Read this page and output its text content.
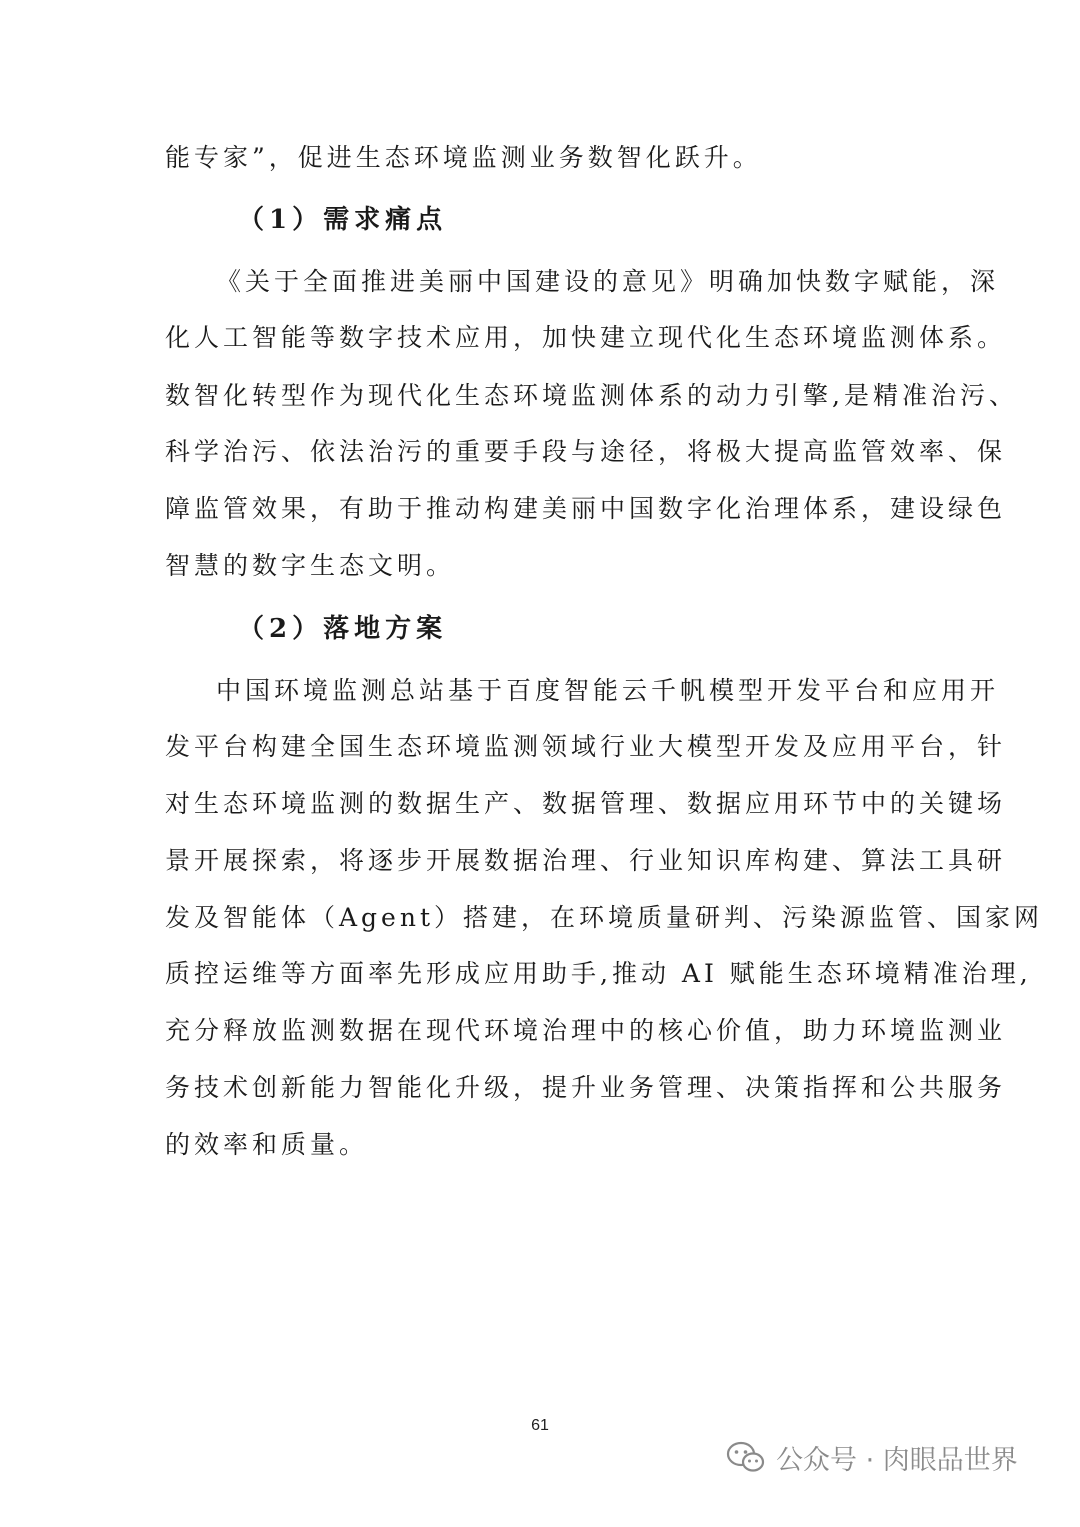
能专家”，促进生态环境监测业务数智化跃升。
（1）需求痛点
《关于全面推进美丽中国建设的意见》明确加快数字赋能，深
化人工智能等数字技术应用，加快建立现代化生态环境监测体系。
数智化转型作为现代化生态环境监测体系的动力引擎,是精准治污、
科学治污、依法治污的重要手段与途径，将极大提高监管效率、保
障监管效果，有助于推动构建美丽中国数字化治理体系，建设绿色
智慧的数字生态文明。
（2）落地方案
中国环境监测总站基于百度智能云千帆模型开发平台和应用开
发平台构建全国生态环境监测领域行业大模型开发及应用平台，针
对生态环境监测的数据生产、数据管理、数据应用环节中的关键场
景开展探索，将逐步开展数据治理、行业知识库构建、算法工具研
发及智能体（Agent）搭建，在环境质量研判、污染源监管、国家网
质控运维等方面率先形成应用助手,推动 AI 赋能生态环境精准治理,
充分释放监测数据在现代环境治理中的核心价值，助力环境监测业
务技术创新能力智能化升级，提升业务管理、决策指挥和公共服务
的效率和质量。
61
公众号 · 肉眼品世界
